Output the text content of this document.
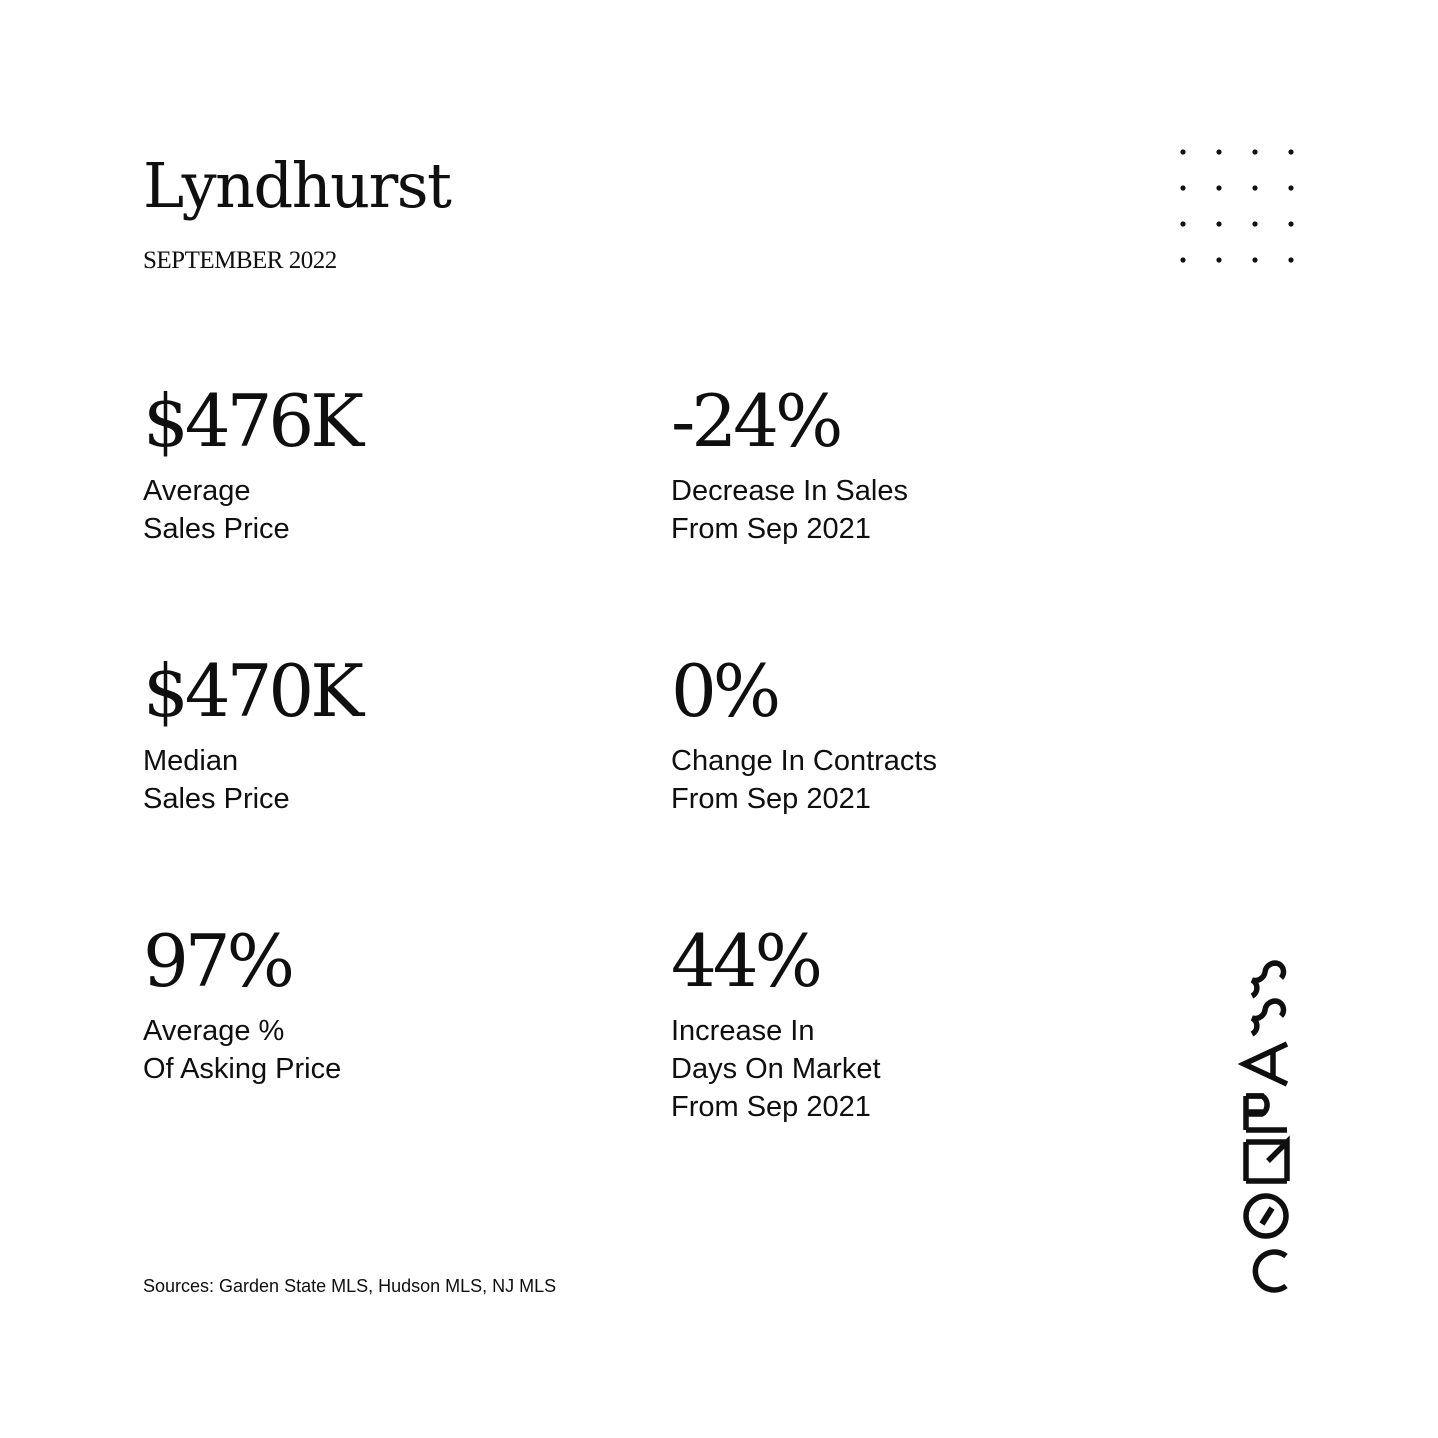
Lyndhurst
SEPTEMBER 2022
$476K
Average
Sales Price
-24%
Decrease In Sales
From Sep 2021
$470K
Median
Sales Price
0%
Change In Contracts
From Sep 2021
97%
Average %
Of Asking Price
44%
Increase In
Days On Market
From Sep 2021
Sources: Garden State MLS, Hudson MLS, NJ MLS
